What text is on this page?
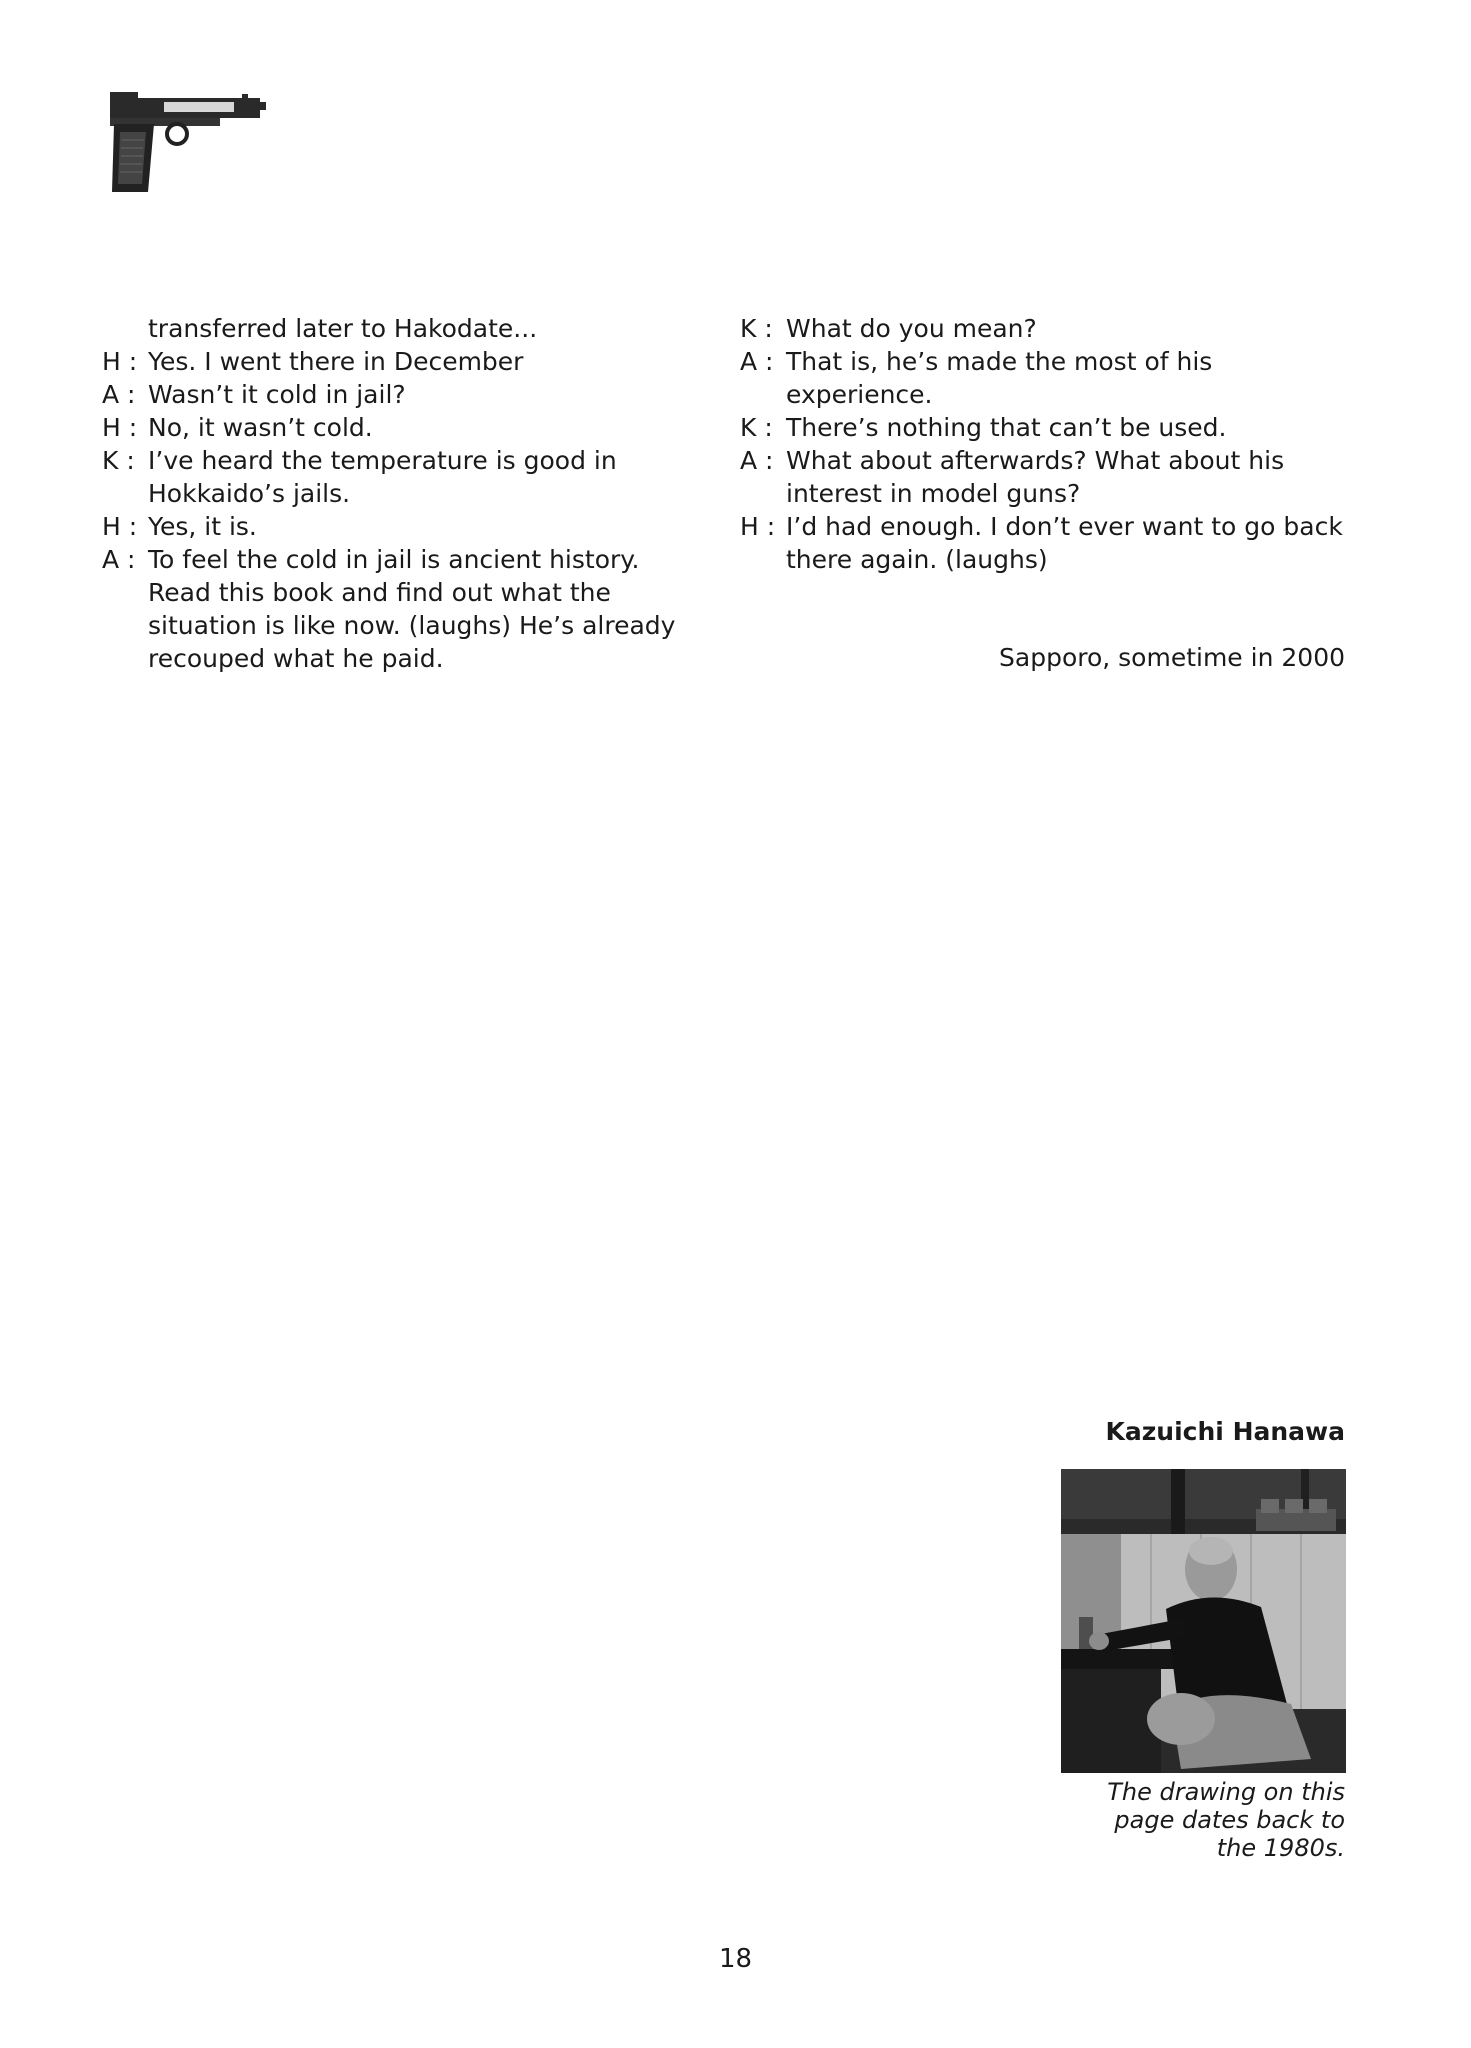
transferred later to Hakodate...
H : Yes. I went there in December
A : Wasn’t it cold in jail?
H : No, it wasn’t cold.
K : I’ve heard the temperature is good in
Hokkaido’s jails.
H : Yes, it is.
A : To feel the cold in jail is ancient history.
Read this book and find out what the
situation is like now. (laughs) He’s already
recouped what he paid.
K : What do you mean?
A : That is, he’s made the most of his
experience.
K : There’s nothing that can’t be used.
A : What about afterwards? What about his
interest in model guns?
H : I’d had enough. I don’t ever want to go back
there again. (laughs)
Sapporo, sometime in 2000
Kazuichi Hanawa
The drawing on this page dates back to the 1980s.
18
